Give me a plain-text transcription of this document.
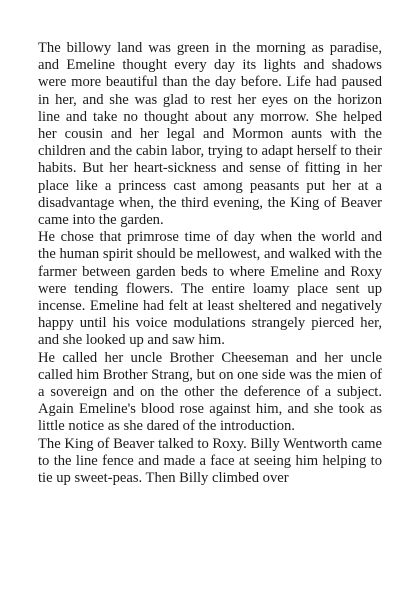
The billowy land was green in the morning as paradise, and Emeline thought every day its lights and shadows were more beautiful than the day before. Life had paused in her, and she was glad to rest her eyes on the horizon line and take no thought about any morrow. She helped her cousin and her legal and Mormon aunts with the children and the cabin labor, trying to adapt herself to their habits. But her heart-sickness and sense of fitting in her place like a princess cast among peasants put her at a disadvantage when, the third evening, the King of Beaver came into the garden.

He chose that primrose time of day when the world and the human spirit should be mellowest, and walked with the farmer between garden beds to where Emeline and Roxy were tending flowers. The entire loamy place sent up incense. Emeline had felt at least sheltered and negatively happy until his voice modulations strangely pierced her, and she looked up and saw him.

He called her uncle Brother Cheeseman and her uncle called him Brother Strang, but on one side was the mien of a sovereign and on the other the deference of a subject. Again Emeline's blood rose against him, and she took as little notice as she dared of the introduction.

The King of Beaver talked to Roxy. Billy Wentworth came to the line fence and made a face at seeing him helping to tie up sweet-peas. Then Billy climbed over
